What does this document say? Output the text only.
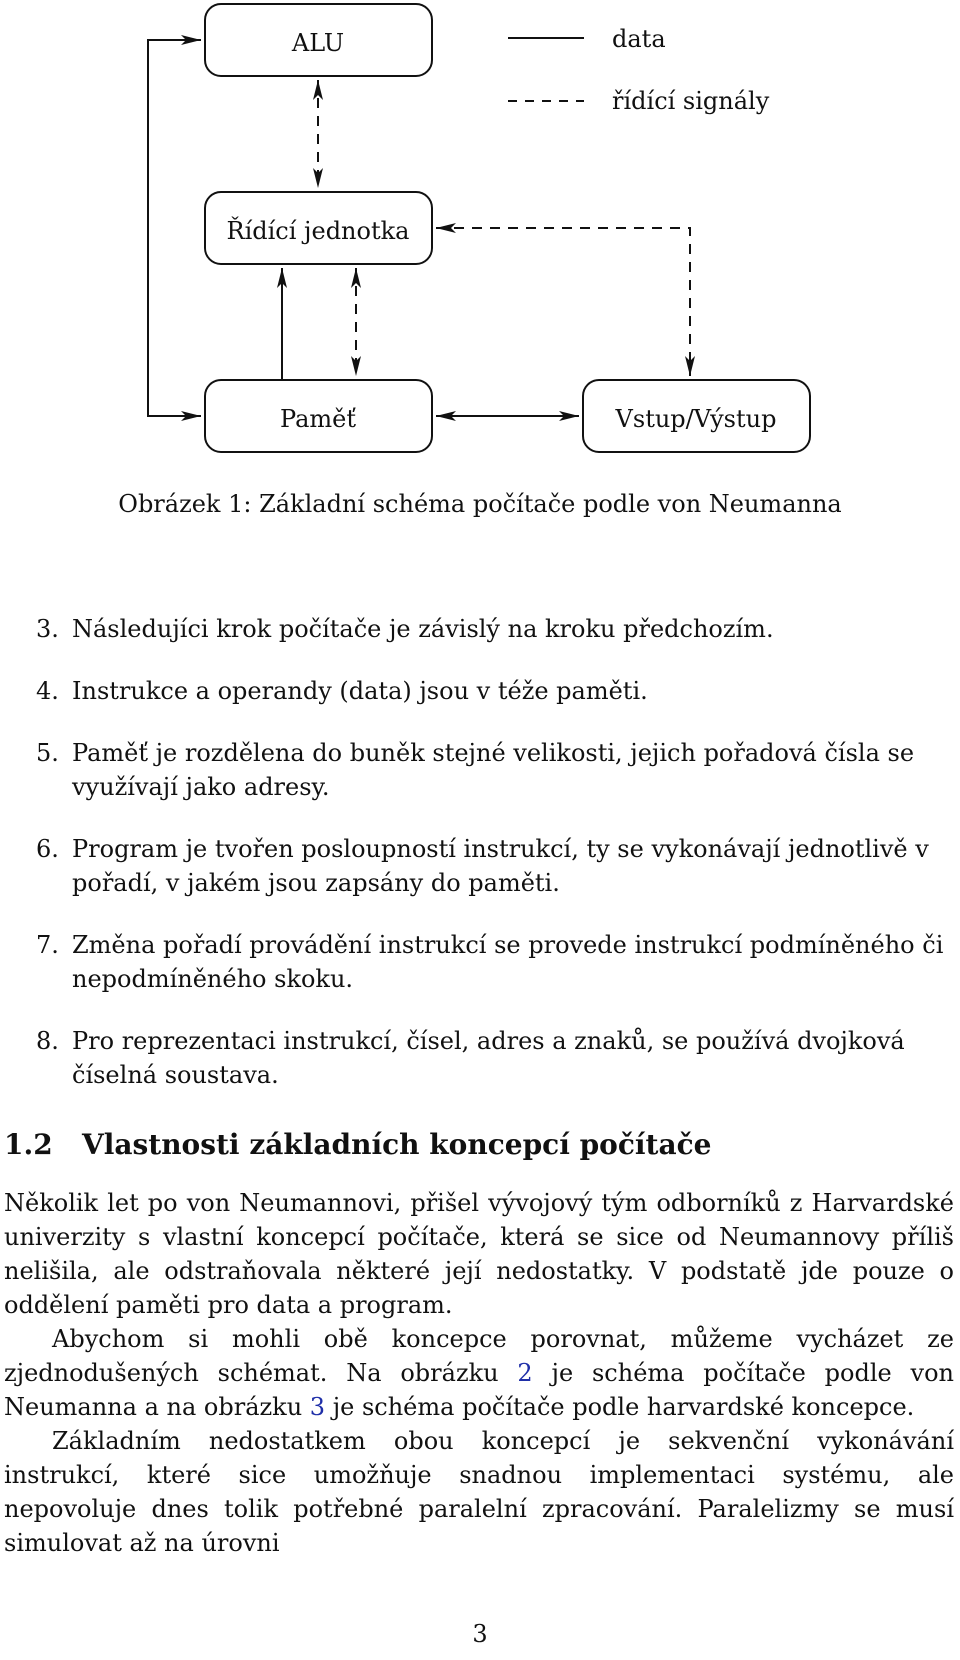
ALU
Řídící jednotka
Paměť	Vstup/Výstup
data
řídící signály
Obrázek 1: Základní schéma počítače podle von Neumanna
3. Následujíci krok počítače je závislý na kroku předchozím.
4. Instrukce a operandy (data) jsou v téže paměti.
5. Paměť je rozdělena do buněk stejné velikosti, jejich pořadová čísla se využívají jako adresy.
6. Program je tvořen posloupností instrukcí, ty se vykonávají jednotlivě v pořadí, v jakém jsou zapsány do paměti.
7. Změna pořadí provádění instrukcí se provede instrukcí podmíněného či nepodmíněného skoku.
8. Pro reprezentaci instrukcí, čísel, adres a znaků, se používá dvojková číselná soustava.
1.2 Vlastnosti základních koncepcí počítače

Několik let po von Neumannovi, přišel vývojový tým odborníků z Harvardské univerzity s vlastní koncepcí počítače, která se sice od Neumannovy příliš nelišila, ale odstraňovala některé její nedostatky. V podstatě jde pouze o oddělení paměti pro data a program.

Abychom si mohli obě koncepce porovnat, můžeme vycházet ze zjednodušených schémat. Na obrázku 2 je schéma počítače podle von Neumanna a na obrázku 3 je schéma počítače podle harvardské koncepce.

Základním nedostatkem obou koncepcí je sekvenční vykonávání instrukcí, které sice umožňuje snadnou implementaci systému, ale nepovoluje dnes tolik potřebné paralelní zpracování. Paralelizmy se musí simulovat až na úrovni

3
